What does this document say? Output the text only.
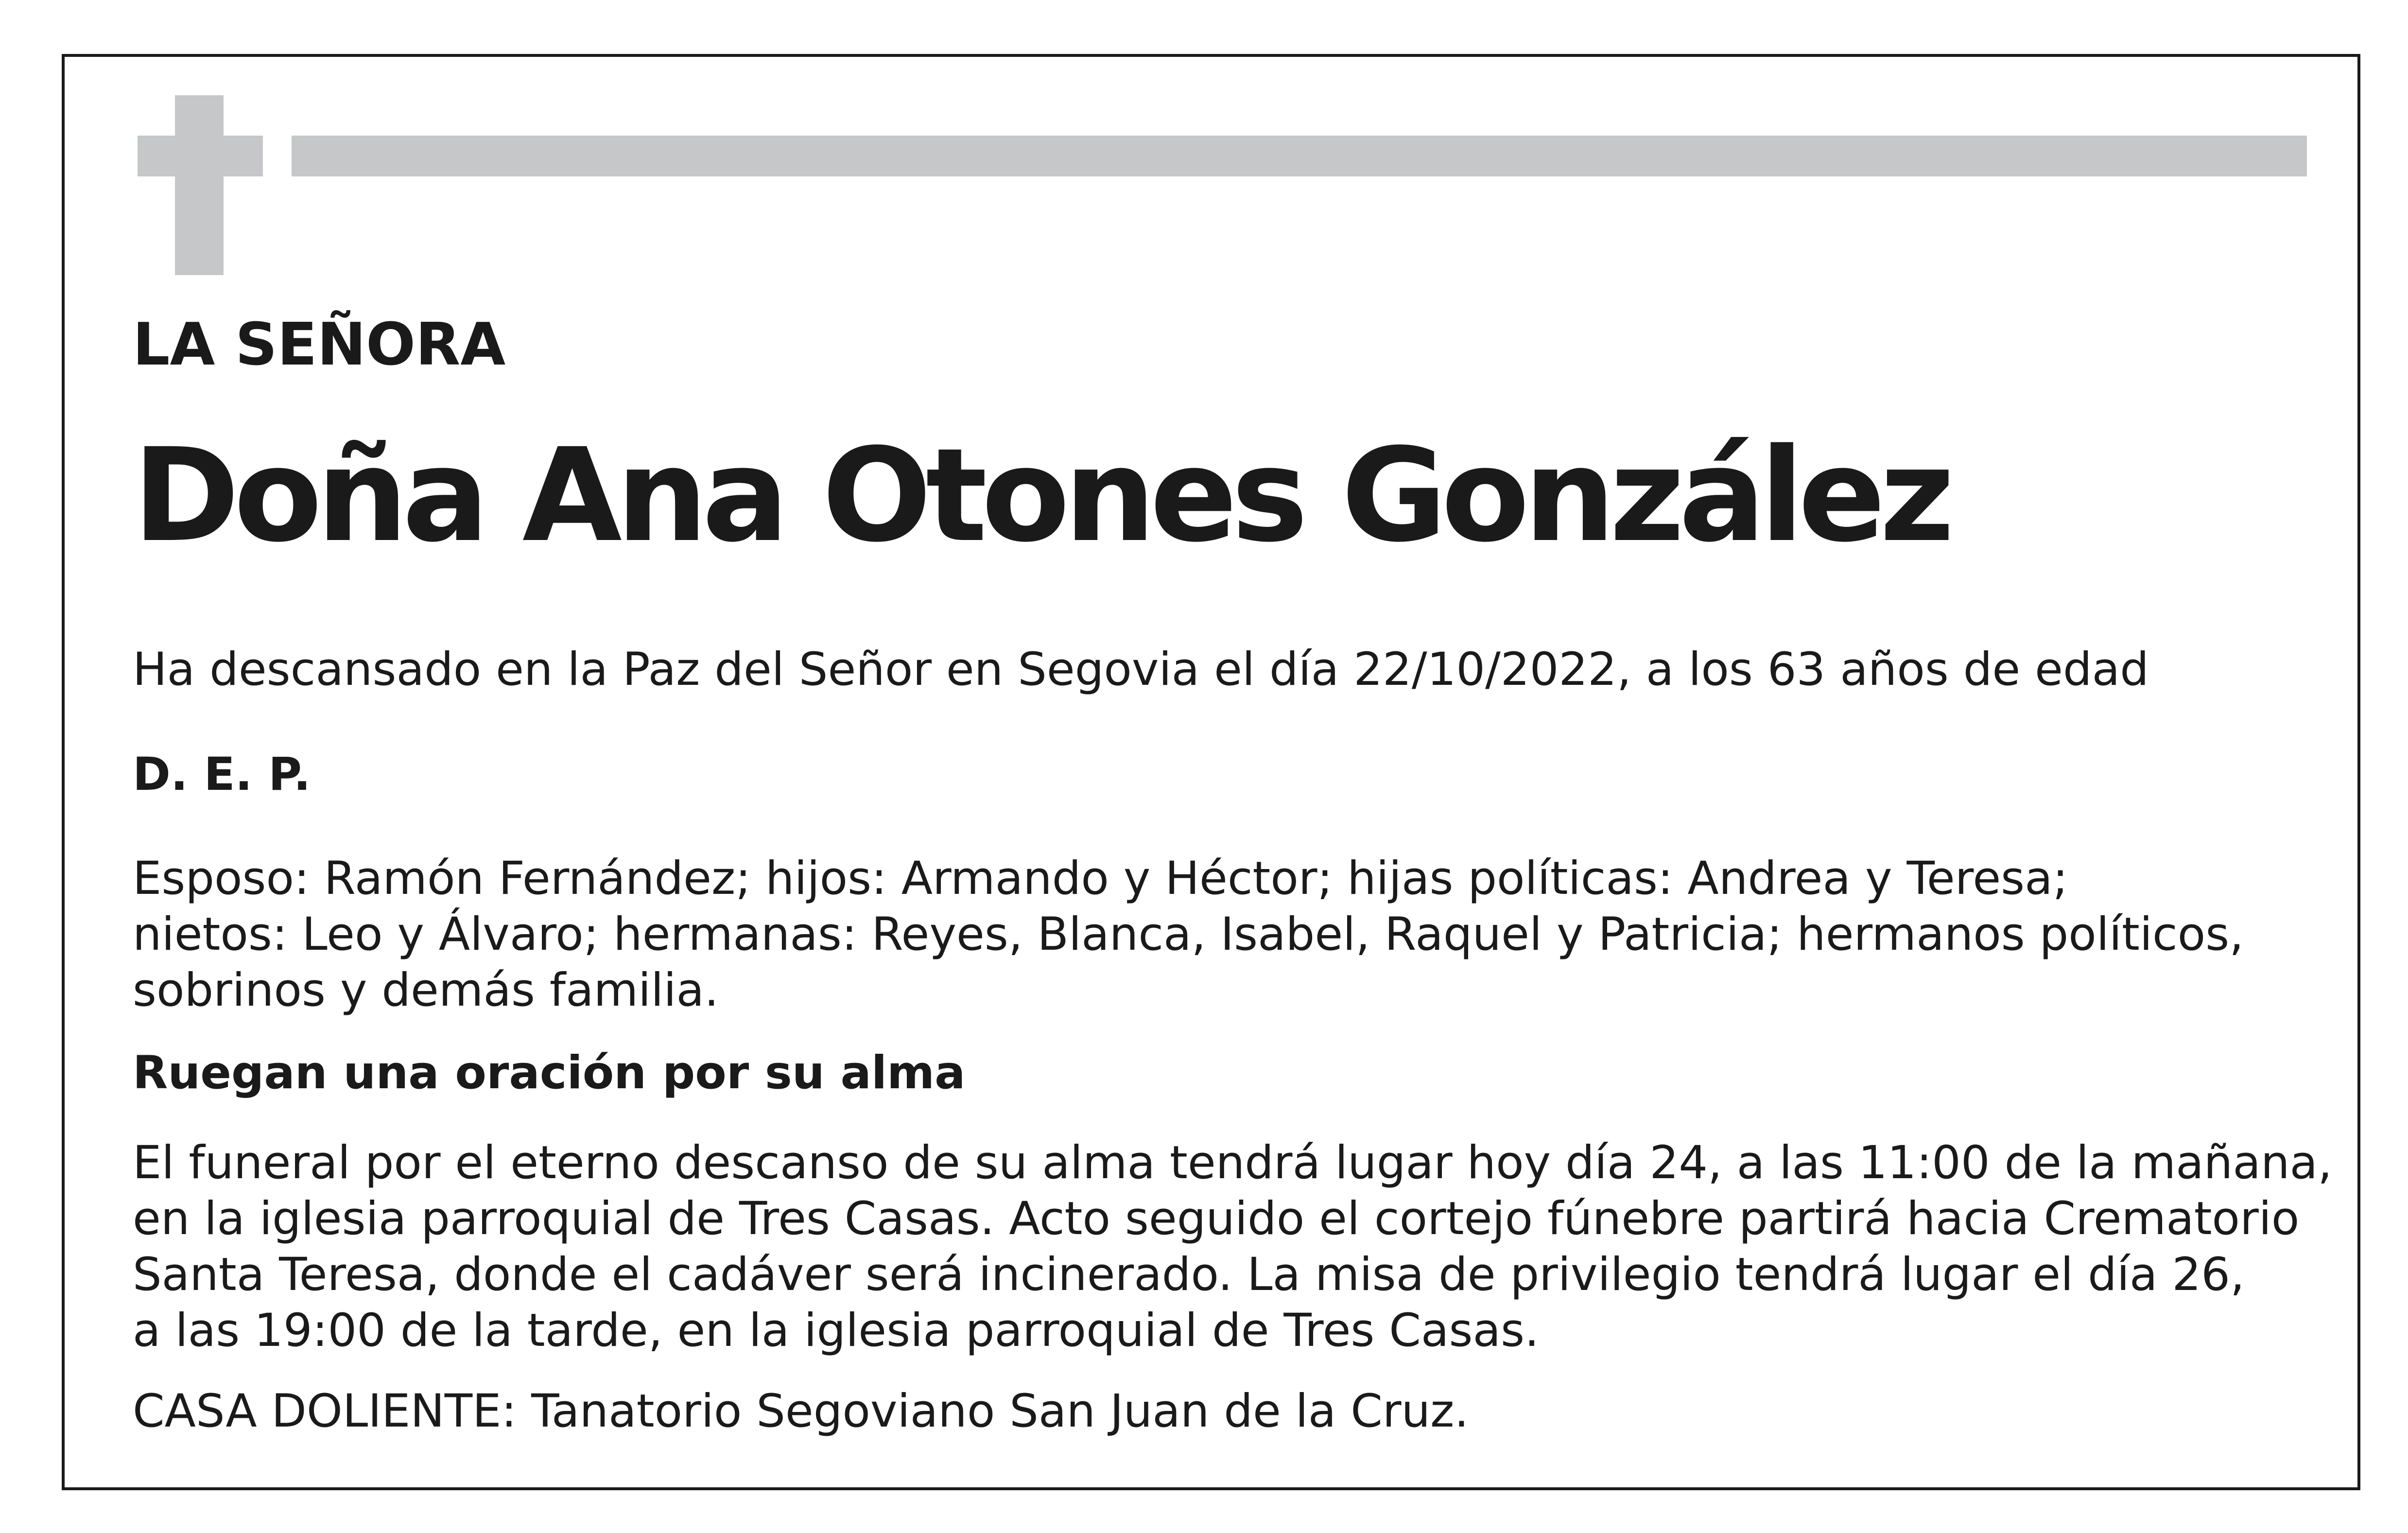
LA SEÑORA

Doña Ana Otones González

Ha descansado en la Paz del Señor en Segovia el día 22/10/2022, a los 63 años de edad

D. E. P.

Esposo: Ramón Fernández; hijos: Armando y Héctor; hijas políticas: Andrea y Teresa;
nietos: Leo y Álvaro; hermanas: Reyes, Blanca, Isabel, Raquel y Patricia; hermanos políticos,
sobrinos y demás familia.

Ruegan una oración por su alma

El funeral por el eterno descanso de su alma tendrá lugar hoy día 24, a las 11:00 de la mañana,
en la iglesia parroquial de Tres Casas. Acto seguido el cortejo fúnebre partirá hacia Crematorio
Santa Teresa, donde el cadáver será incinerado. La misa de privilegio tendrá lugar el día 26,
a las 19:00 de la tarde, en la iglesia parroquial de Tres Casas.

CASA DOLIENTE: Tanatorio Segoviano San Juan de la Cruz.
